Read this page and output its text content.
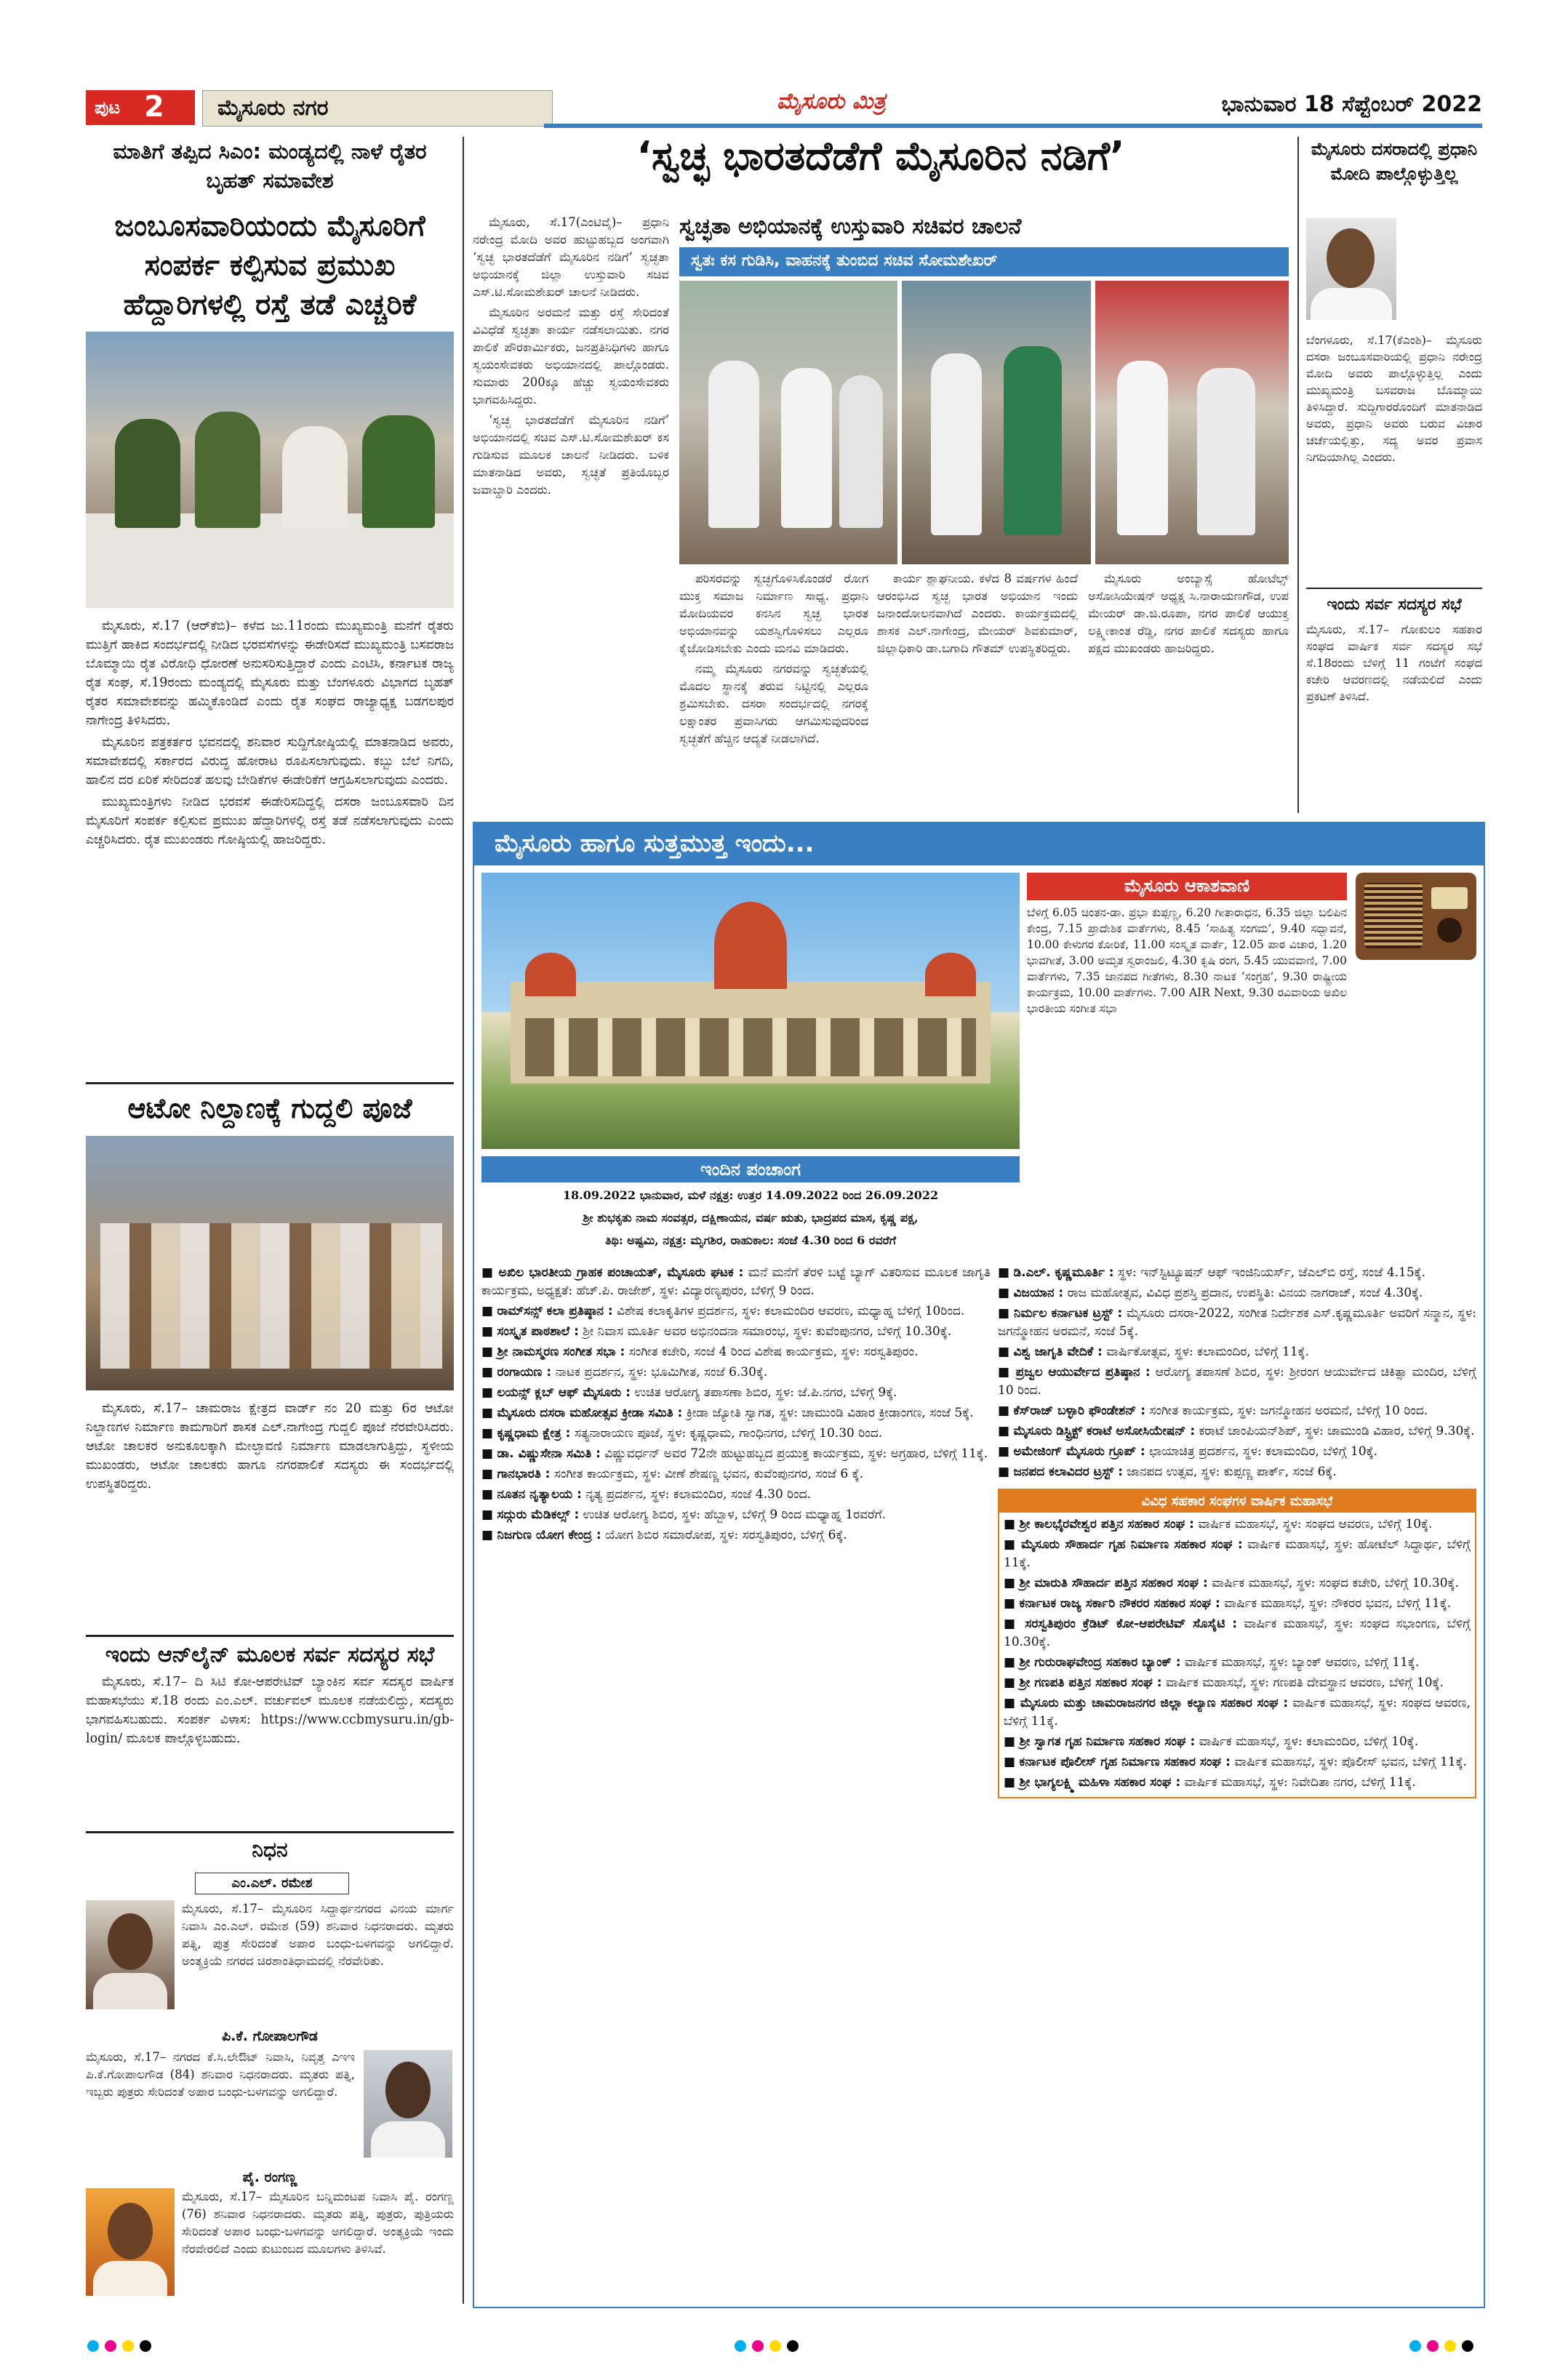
ಪುಟ 2	ಮೈಸೂರು ನಗರ	ಮೈಸೂರು ಮಿತ್ರ	ಭಾನುವಾರ 18 ಸೆಪ್ಟೆಂಬರ್ 2022
ಮಾತಿಗೆ ತಪ್ಪಿದ ಸಿಎಂ: ಮಂಡ್ಯದಲ್ಲಿ ನಾಳೆ ರೈತರ ಬೃಹತ್ ಸಮಾವೇಶ
ಜಂಬೂಸವಾರಿಯಂದು ಮೈಸೂರಿಗೆ ಸಂಪರ್ಕ ಕಲ್ಪಿಸುವ ಪ್ರಮುಖ ಹೆದ್ದಾರಿಗಳಲ್ಲಿ ರಸ್ತೆ ತಡೆ ಎಚ್ಚರಿಕೆ

ಮೈಸೂರು, ಸೆ.17 (ಆರ್‌ಕೆಬಿ)– ಕಳೆದ ಜು.11ರಂದು ಮುಖ್ಯಮಂತ್ರಿ ಮನೆಗೆ ರೈತರು ಮುತ್ತಿಗೆ ಹಾಕಿದ ಸಂದರ್ಭದಲ್ಲಿ ನೀಡಿದ ಭರವಸೆಗಳನ್ನು ಈಡೇರಿಸದೆ ಮುಖ್ಯಮಂತ್ರಿ ಬಸವರಾಜ ಬೊಮ್ಮಾಯಿ ರೈತ ವಿರೋಧಿ ಧೋರಣೆ ಅನುಸರಿಸುತ್ತಿದ್ದಾರೆ ಎಂದು ಎಂಟಿಸಿ, ಕರ್ನಾಟಕ ರಾಜ್ಯ ರೈತ ಸಂಘ, ಸೆ.19ರಂದು ಮಂಡ್ಯದಲ್ಲಿ ಮೈಸೂರು ಮತ್ತು ಬೆಂಗಳೂರು ವಿಭಾಗದ ಬೃಹತ್ ರೈತರ ಸಮಾವೇಶವನ್ನು ಹಮ್ಮಿಕೊಂಡಿದೆ ಎಂದು ರೈತ ಸಂಘದ ರಾಜ್ಯಾಧ್ಯಕ್ಷ ಬಡಗಲಪುರ ನಾಗೇಂದ್ರ ತಿಳಿಸಿದರು.

ಮೈಸೂರಿನ ಪತ್ರಕರ್ತರ ಭವನದಲ್ಲಿ ಶನಿವಾರ ಸುದ್ದಿಗೋಷ್ಠಿಯಲ್ಲಿ ಮಾತನಾಡಿದ ಅವರು, ಸಮಾವೇಶದಲ್ಲಿ ಸರ್ಕಾರದ ವಿರುದ್ಧ ಹೋರಾಟ ರೂಪಿಸಲಾಗುವುದು. ಕಬ್ಬು ಬೆಲೆ ನಿಗದಿ, ಹಾಲಿನ ದರ ಏರಿಕೆ ಸೇರಿದಂತೆ ಹಲವು ಬೇಡಿಕೆಗಳ ಈಡೇರಿಕೆಗೆ ಆಗ್ರಹಿಸಲಾಗುವುದು ಎಂದರು.

ಮುಖ್ಯಮಂತ್ರಿಗಳು ನೀಡಿದ ಭರವಸೆ ಈಡೇರಿಸದಿದ್ದಲ್ಲಿ ದಸರಾ ಜಂಬೂಸವಾರಿ ದಿನ ಮೈಸೂರಿಗೆ ಸಂಪರ್ಕ ಕಲ್ಪಿಸುವ ಪ್ರಮುಖ ಹೆದ್ದಾರಿಗಳಲ್ಲಿ ರಸ್ತೆ ತಡೆ ನಡೆಸಲಾಗುವುದು ಎಂದು ಎಚ್ಚರಿಸಿದರು. ರೈತ ಮುಖಂಡರು ಗೋಷ್ಠಿಯಲ್ಲಿ ಹಾಜರಿದ್ದರು.

ಆಟೋ ನಿಲ್ದಾಣಕ್ಕೆ ಗುದ್ದಲಿ ಪೂಜೆ

ಮೈಸೂರು, ಸೆ.17– ಚಾಮರಾಜ ಕ್ಷೇತ್ರದ ವಾರ್ಡ್ ನಂ 20 ಮತ್ತು 6ರ ಆಟೋ ನಿಲ್ದಾಣಗಳ ನಿರ್ಮಾಣ ಕಾಮಗಾರಿಗೆ ಶಾಸಕ ಎಲ್.ನಾಗೇಂದ್ರ ಗುದ್ದಲಿ ಪೂಜೆ ನೆರವೇರಿಸಿದರು. ಆಟೋ ಚಾಲಕರ ಅನುಕೂಲಕ್ಕಾಗಿ ಮೇಲ್ಛಾವಣಿ ನಿರ್ಮಾಣ ಮಾಡಲಾಗುತ್ತಿದ್ದು, ಸ್ಥಳೀಯ ಮುಖಂಡರು, ಆಟೋ ಚಾಲಕರು ಹಾಗೂ ನಗರಪಾಲಿಕೆ ಸದಸ್ಯರು ಈ ಸಂದರ್ಭದಲ್ಲಿ ಉಪಸ್ಥಿತರಿದ್ದರು.

ಇಂದು ಆನ್‌ಲೈನ್ ಮೂಲಕ ಸರ್ವ ಸದಸ್ಯರ ಸಭೆ

ಮೈಸೂರು, ಸೆ.17– ದಿ ಸಿಟಿ ಕೋ-ಆಪರೇಟಿವ್ ಬ್ಯಾಂಕಿನ ಸರ್ವ ಸದಸ್ಯರ ವಾರ್ಷಿಕ ಮಹಾಸಭೆಯು ಸೆ.18 ರಂದು ಎಂ.ಎಲ್. ವರ್ಚುವಲ್ ಮೂಲಕ ನಡೆಯಲಿದ್ದು, ಸದಸ್ಯರು ಭಾಗವಹಿಸಬಹುದು. ಸಂಪರ್ಕ ವಿಳಾಸ: https://www.ccbmysuru.in/gb-login/ ಮೂಲಕ ಪಾಲ್ಗೊಳ್ಳಬಹುದು.

ನಿಧನ
ಎಂ.ಎಲ್. ರಮೇಶ
ಮೈಸೂರು, ಸೆ.17– ಮೈಸೂರಿನ ಸಿದ್ದಾರ್ಥನಗರದ ವಿನಯ ಮಾರ್ಗ ನಿವಾಸಿ ಎಂ.ಎಲ್. ರಮೇಶ (59) ಶನಿವಾರ ನಿಧನರಾದರು. ಮೃತರು ಪತ್ನಿ, ಪುತ್ರ ಸೇರಿದಂತೆ ಅಪಾರ ಬಂಧು-ಬಳಗವನ್ನು ಅಗಲಿದ್ದಾರೆ. ಅಂತ್ಯಕ್ರಿಯೆ ನಗರದ ಚಿರಶಾಂತಿಧಾಮದಲ್ಲಿ ನೆರವೇರಿತು.
ಪಿ.ಕೆ. ಗೋಪಾಲಗೌಡ
ಮೈಸೂರು, ಸೆ.17– ನಗರದ ಕೆ.ಸಿ.ಲೇಔಟ್ ನಿವಾಸಿ, ನಿವೃತ್ತ ಎಇಇ ಪಿ.ಕೆ.ಗೋಪಾಲಗೌಡ (84) ಶನಿವಾರ ನಿಧನರಾದರು. ಮೃತರು ಪತ್ನಿ, ಇಬ್ಬರು ಪುತ್ರರು ಸೇರಿದಂತೆ ಅಪಾರ ಬಂಧು-ಬಳಗವನ್ನು ಅಗಲಿದ್ದಾರೆ.
ಪೈ. ರಂಗಣ್ಣ
ಮೈಸೂರು, ಸೆ.17– ಮೈಸೂರಿನ ಬನ್ನಿಮಂಟಪ ನಿವಾಸಿ ಪೈ. ರಂಗಣ್ಣ (76) ಶನಿವಾರ ನಿಧನರಾದರು. ಮೃತರು ಪತ್ನಿ, ಪುತ್ರರು, ಪುತ್ರಿಯರು ಸೇರಿದಂತೆ ಅಪಾರ ಬಂಧು-ಬಳಗವನ್ನು ಅಗಲಿದ್ದಾರೆ. ಅಂತ್ಯಕ್ರಿಯೆ ಇಂದು ನೆರವೇರಲಿದೆ ಎಂದು ಕುಟುಂಬದ ಮೂಲಗಳು ತಿಳಿಸಿವೆ.
‘ಸ್ವಚ್ಛ ಭಾರತದೆಡೆಗೆ ಮೈಸೂರಿನ ನಡಿಗೆ’

ಮೈಸೂರು, ಸೆ.17(ಎಂಟಿವೈ)– ಪ್ರಧಾನಿ ನರೇಂದ್ರ ಮೋದಿ ಅವರ ಹುಟ್ಟುಹಬ್ಬದ ಅಂಗವಾಗಿ ‘ಸ್ವಚ್ಛ ಭಾರತದೆಡೆಗೆ ಮೈಸೂರಿನ ನಡಿಗೆ’ ಸ್ವಚ್ಛತಾ ಅಭಿಯಾನಕ್ಕೆ ಜಿಲ್ಲಾ ಉಸ್ತುವಾರಿ ಸಚಿವ ಎಸ್.ಟಿ.ಸೋಮಶೇಖರ್ ಚಾಲನೆ ನೀಡಿದರು.

ಮೈಸೂರಿನ ಅರಮನೆ ಮತ್ತು ರಸ್ತೆ ಸೇರಿದಂತೆ ವಿವಿಧೆಡೆ ಸ್ವಚ್ಛತಾ ಕಾರ್ಯ ನಡೆಸಲಾಯಿತು. ನಗರ ಪಾಲಿಕೆ ಪೌರಕಾರ್ಮಿಕರು, ಜನಪ್ರತಿನಿಧಿಗಳು ಹಾಗೂ ಸ್ವಯಂಸೇವಕರು ಅಭಿಯಾನದಲ್ಲಿ ಪಾಲ್ಗೊಂಡರು. ಸುಮಾರು 200ಕ್ಕೂ ಹೆಚ್ಚು ಸ್ವಯಂಸೇವಕರು ಭಾಗವಹಿಸಿದ್ದರು.

‘ಸ್ವಚ್ಛ ಭಾರತದೆಡೆಗೆ ಮೈಸೂರಿನ ನಡಿಗೆ’ ಅಭಿಯಾನದಲ್ಲಿ ಸಚಿವ ಎಸ್.ಟಿ.ಸೋಮಶೇಖರ್ ಕಸ ಗುಡಿಸುವ ಮೂಲಕ ಚಾಲನೆ ನೀಡಿದರು. ಬಳಿಕ ಮಾತನಾಡಿದ ಅವರು, ಸ್ವಚ್ಛತೆ ಪ್ರತಿಯೊಬ್ಬರ ಜವಾಬ್ದಾರಿ ಎಂದರು.

ಸ್ವಚ್ಛತಾ ಅಭಿಯಾನಕ್ಕೆ ಉಸ್ತುವಾರಿ ಸಚಿವರ ಚಾಲನೆ
ಸ್ವತಃ ಕಸ ಗುಡಿಸಿ, ವಾಹನಕ್ಕೆ ತುಂಬಿದ ಸಚಿವ ಸೋಮಶೇಖರ್

ಪರಿಸರವನ್ನು ಸ್ವಚ್ಛಗೊಳಿಸಿಕೊಂಡರೆ ರೋಗ ಮುಕ್ತ ಸಮಾಜ ನಿರ್ಮಾಣ ಸಾಧ್ಯ. ಪ್ರಧಾನಿ ಮೋದಿಯವರ ಕನಸಿನ ಸ್ವಚ್ಛ ಭಾರತ ಅಭಿಯಾನವನ್ನು ಯಶಸ್ವಿಗೊಳಿಸಲು ಎಲ್ಲರೂ ಕೈಜೋಡಿಸಬೇಕು ಎಂದು ಮನವಿ ಮಾಡಿದರು.

ನಮ್ಮ ಮೈಸೂರು ನಗರವನ್ನು ಸ್ವಚ್ಛತೆಯಲ್ಲಿ ಮೊದಲ ಸ್ಥಾನಕ್ಕೆ ತರುವ ನಿಟ್ಟಿನಲ್ಲಿ ಎಲ್ಲರೂ ಶ್ರಮಿಸಬೇಕು. ದಸರಾ ಸಂದರ್ಭದಲ್ಲಿ ನಗರಕ್ಕೆ ಲಕ್ಷಾಂತರ ಪ್ರವಾಸಿಗರು ಆಗಮಿಸುವುದರಿಂದ ಸ್ವಚ್ಛತೆಗೆ ಹೆಚ್ಚಿನ ಆದ್ಯತೆ ನೀಡಲಾಗಿದೆ.

ಕಾರ್ಯ ಶ್ಲಾಘನೀಯ. ಕಳೆದ 8 ವರ್ಷಗಳ ಹಿಂದೆ ಆರಂಭಿಸಿದ ಸ್ವಚ್ಛ ಭಾರತ ಅಭಿಯಾನ ಇಂದು ಜನಾಂದೋಲನವಾಗಿದೆ ಎಂದರು. ಕಾರ್ಯಕ್ರಮದಲ್ಲಿ ಶಾಸಕ ಎಲ್.ನಾಗೇಂದ್ರ, ಮೇಯರ್ ಶಿವಕುಮಾರ್, ಜಿಲ್ಲಾಧಿಕಾರಿ ಡಾ.ಬಗಾದಿ ಗೌತಮ್ ಉಪಸ್ಥಿತರಿದ್ದರು.

ಮೈಸೂರು ಅಂಬ್ಯಾಸ್ಸೆ ಹೋಟೆಲ್ಸ್ ಅಸೋಸಿಯೇಷನ್ ಅಧ್ಯಕ್ಷ ಸಿ.ನಾರಾಯಣಗೌಡ, ಉಪ ಮೇಯರ್ ಡಾ.ಜಿ.ರೂಪಾ, ನಗರ ಪಾಲಿಕೆ ಆಯುಕ್ತ ಲಕ್ಷ್ಮೀಕಾಂತ ರೆಡ್ಡಿ, ನಗರ ಪಾಲಿಕೆ ಸದಸ್ಯರು ಹಾಗೂ ಪಕ್ಷದ ಮುಖಂಡರು ಹಾಜರಿದ್ದರು.

ಮೈಸೂರು ದಸರಾದಲ್ಲಿ ಪ್ರಧಾನಿ ಮೋದಿ ಪಾಲ್ಗೊಳ್ಳುತ್ತಿಲ್ಲ
ಬೆಂಗಳೂರು, ಸೆ.17(ಕೆಎಂಶಿ)– ಮೈಸೂರು ದಸರಾ ಜಂಬೂಸವಾರಿಯಲ್ಲಿ ಪ್ರಧಾನಿ ನರೇಂದ್ರ ಮೋದಿ ಅವರು ಪಾಲ್ಗೊಳ್ಳುತ್ತಿಲ್ಲ ಎಂದು ಮುಖ್ಯಮಂತ್ರಿ ಬಸವರಾಜ ಬೊಮ್ಮಾಯಿ ತಿಳಿಸಿದ್ದಾರೆ. ಸುದ್ದಿಗಾರರೊಂದಿಗೆ ಮಾತನಾಡಿದ ಅವರು, ಪ್ರಧಾನಿ ಅವರು ಬರುವ ವಿಚಾರ ಚರ್ಚೆಯಲ್ಲಿತ್ತು, ಸದ್ಯ ಅವರ ಪ್ರವಾಸ ನಿಗದಿಯಾಗಿಲ್ಲ ಎಂದರು.
ಇಂದು ಸರ್ವ ಸದಸ್ಯರ ಸಭೆ
ಮೈಸೂರು, ಸೆ.17– ಗೋಕುಲಂ ಸಹಕಾರ ಸಂಘದ ವಾರ್ಷಿಕ ಸರ್ವ ಸದಸ್ಯರ ಸಭೆ ಸೆ.18ರಂದು ಬೆಳಿಗ್ಗೆ 11 ಗಂಟೆಗೆ ಸಂಘದ ಕಚೇರಿ ಆವರಣದಲ್ಲಿ ನಡೆಯಲಿದೆ ಎಂದು ಪ್ರಕಟಣೆ ತಿಳಿಸಿದೆ.
ಮೈಸೂರು ಹಾಗೂ ಸುತ್ತಮುತ್ತ ಇಂದು...
ಇಂದಿನ ಪಂಚಾಂಗ
18.09.2022 ಭಾನುವಾರ, ಮಳೆ ನಕ್ಷತ್ರ: ಉತ್ತರ 14.09.2022 ರಿಂದ 26.09.2022
ಶ್ರೀ ಶುಭಕೃತು ನಾಮ ಸಂವತ್ಸರ, ದಕ್ಷಿಣಾಯನ, ವರ್ಷ ಋತು, ಭಾದ್ರಪದ ಮಾಸ, ಕೃಷ್ಣ ಪಕ್ಷ,
ತಿಥಿ: ಅಷ್ಟಮಿ, ನಕ್ಷತ್ರ: ಮೃಗಶಿರ, ರಾಹುಕಾಲ: ಸಂಜೆ 4.30 ರಿಂದ 6 ರವರೆಗೆ
ಮೈಸೂರು ಆಕಾಶವಾಣಿ
ಬೆಳಿಗ್ಗೆ 6.05 ಚಿಂತನ-ಡಾ. ಪ್ರಭಾ ಕುಪ್ಪಣ್ಣ, 6.20 ಗೀತಾರಾಧನ, 6.35 ಜಿಲ್ಲಾ ಬಲಿಪಿನ ಕೇಂದ್ರ, 7.15 ಪ್ರಾದೇಶಿಕ ವಾರ್ತೆಗಳು, 8.45 ‘ಸಾಹಿತ್ಯ ಸಂಗಮ’, 9.40 ಸದ್ಭಾವನೆ, 10.00 ಕೇಳುಗರ ಕೋರಿಕೆ, 11.00 ಸಂಸ್ಕೃತ ವಾರ್ತೆ, 12.05 ಪಾಠ ವಿಚಾರ, 1.20 ಭಾವಗೀತೆ, 3.00 ಅಮೃತ ಸ್ವರಾಂಜಲಿ, 4.30 ಕೃಷಿ ರಂಗ, 5.45 ಯುವವಾಣಿ, 7.00 ವಾರ್ತೆಗಳು, 7.35 ಜಾನಪದ ಗೀತೆಗಳು, 8.30 ನಾಟಕ ‘ಸಂಗ್ರಹ’, 9.30 ರಾಷ್ಟ್ರೀಯ ಕಾರ್ಯಕ್ರಮ, 10.00 ವಾರ್ತೆಗಳು. 7.00 AIR Next, 9.30 ರವಿವಾರಿಯ ಅಖಿಲ ಭಾರತೀಯ ಸಂಗೀತ ಸಭಾ

■ ಅಖಿಲ ಭಾರತೀಯ ಗ್ರಾಹಕ ಪಂಚಾಯತ್, ಮೈಸೂರು ಘಟಕ : ಮನೆ ಮನೆಗೆ ತೆರಳಿ ಬಟ್ಟೆ ಬ್ಯಾಗ್ ವಿತರಿಸುವ ಮೂಲಕ ಜಾಗೃತಿ ಕಾರ್ಯಕ್ರಮ, ಅಧ್ಯಕ್ಷತೆ: ಹೆಚ್.ಪಿ. ರಾಜೇಶ್, ಸ್ಥಳ: ವಿದ್ಯಾರಣ್ಯಪುರಂ, ಬೆಳಿಗ್ಗೆ 9 ರಿಂದ.

■ ರಾಮ್‌ಸನ್ಸ್ ಕಲಾ ಪ್ರತಿಷ್ಠಾನ : ವಿಶೇಷ ಕಲಾಕೃತಿಗಳ ಪ್ರದರ್ಶನ, ಸ್ಥಳ: ಕಲಾಮಂದಿರ ಆವರಣ, ಮಧ್ಯಾಹ್ನ ಬೆಳಿಗ್ಗೆ 10ರಿಂದ.

■ ಸಂಸ್ಕೃತ ಪಾಠಶಾಲೆ : ಶ್ರೀ ನಿವಾಸ ಮೂರ್ತಿ ಅವರ ಅಭಿನಂದನಾ ಸಮಾರಂಭ, ಸ್ಥಳ: ಕುವೆಂಪುನಗರ, ಬೆಳಿಗ್ಗೆ 10.30ಕ್ಕೆ.

■ ಶ್ರೀ ನಾಮಸ್ಮರಣ ಸಂಗೀತ ಸಭಾ : ಸಂಗೀತ ಕಚೇರಿ, ಸಂಜೆ 4 ರಿಂದ ವಿಶೇಷ ಕಾರ್ಯಕ್ರಮ, ಸ್ಥಳ: ಸರಸ್ವತಿಪುರಂ.

■ ರಂಗಾಯಣ : ನಾಟಕ ಪ್ರದರ್ಶನ, ಸ್ಥಳ: ಭೂಮಿಗೀತ, ಸಂಜೆ 6.30ಕ್ಕೆ.

■ ಲಯನ್ಸ್ ಕ್ಲಬ್ ಆಫ್ ಮೈಸೂರು : ಉಚಿತ ಆರೋಗ್ಯ ತಪಾಸಣಾ ಶಿಬಿರ, ಸ್ಥಳ: ಜೆ.ಪಿ.ನಗರ, ಬೆಳಿಗ್ಗೆ 9ಕ್ಕೆ.

■ ಮೈಸೂರು ದಸರಾ ಮಹೋತ್ಸವ ಕ್ರೀಡಾ ಸಮಿತಿ : ಕ್ರೀಡಾ ಜ್ಯೋತಿ ಸ್ವಾಗತ, ಸ್ಥಳ: ಚಾಮುಂಡಿ ವಿಹಾರ ಕ್ರೀಡಾಂಗಣ, ಸಂಜೆ 5ಕ್ಕೆ.

■ ಕೃಷ್ಣಧಾಮ ಕ್ಷೇತ್ರ : ಸತ್ಯನಾರಾಯಣ ಪೂಜೆ, ಸ್ಥಳ: ಕೃಷ್ಣಧಾಮ, ಗಾಂಧಿನಗರ, ಬೆಳಿಗ್ಗೆ 10.30 ರಿಂದ.

■ ಡಾ. ವಿಷ್ಣುಸೇನಾ ಸಮಿತಿ : ವಿಷ್ಣುವರ್ಧನ್ ಅವರ 72ನೇ ಹುಟ್ಟುಹಬ್ಬದ ಪ್ರಯುಕ್ತ ಕಾರ್ಯಕ್ರಮ, ಸ್ಥಳ: ಅಗ್ರಹಾರ, ಬೆಳಿಗ್ಗೆ 11ಕ್ಕೆ.

■ ಗಾನಭಾರತಿ : ಸಂಗೀತ ಕಾರ್ಯಕ್ರಮ, ಸ್ಥಳ: ವೀಣೆ ಶೇಷಣ್ಣ ಭವನ, ಕುವೆಂಪುನಗರ, ಸಂಜೆ 6 ಕ್ಕೆ.

■ ನೂತನ ನೃತ್ಯಾಲಯ : ನೃತ್ಯ ಪ್ರದರ್ಶನ, ಸ್ಥಳ: ಕಲಾಮಂದಿರ, ಸಂಜೆ 4.30 ರಿಂದ.

■ ಸದ್ಗುರು ಮೆಡಿಕಲ್ಸ್ : ಉಚಿತ ಆರೋಗ್ಯ ಶಿಬಿರ, ಸ್ಥಳ: ಹೆಬ್ಬಾಳ, ಬೆಳಿಗ್ಗೆ 9 ರಿಂದ ಮಧ್ಯಾಹ್ನ 1ರವರೆಗೆ.

■ ನಿಜಗುಣ ಯೋಗ ಕೇಂದ್ರ : ಯೋಗ ಶಿಬಿರ ಸಮಾರೋಪ, ಸ್ಥಳ: ಸರಸ್ವತಿಪುರಂ, ಬೆಳಿಗ್ಗೆ 6ಕ್ಕೆ.

■ ಡಿ.ಎಲ್. ಕೃಷ್ಣಮೂರ್ತಿ : ಸ್ಥಳ: ಇನ್‌ಸ್ಟಿಟ್ಯೂಷನ್ ಆಫ್ ಇಂಜಿನಿಯರ್ಸ್, ಜೆಎಲ್‌ಬಿ ರಸ್ತೆ, ಸಂಜೆ 4.15ಕ್ಕೆ.

■ ವಿಜಯಾನ : ರಾಜ ಮಹೋತ್ಸವ, ವಿವಿಧ ಪ್ರಶಸ್ತಿ ಪ್ರದಾನ, ಉಪಸ್ಥಿತಿ: ವಿನಯ ನಾಗರಾಜ್, ಸಂಜೆ 4.30ಕ್ಕೆ.

■ ನಿರ್ಮಲ ಕರ್ನಾಟಕ ಟ್ರಸ್ಟ್ : ಮೈಸೂರು ದಸರಾ-2022, ಸಂಗೀತ ನಿರ್ದೇಶಕ ಎಸ್.ಕೃಷ್ಣಮೂರ್ತಿ ಅವರಿಗೆ ಸನ್ಮಾನ, ಸ್ಥಳ: ಜಗನ್ಮೋಹನ ಅರಮನೆ, ಸಂಜೆ 5ಕ್ಕೆ.

■ ವಿಶ್ವ ಜಾಗೃತಿ ವೇದಿಕೆ : ವಾರ್ಷಿಕೋತ್ಸವ, ಸ್ಥಳ: ಕಲಾಮಂದಿರ, ಬೆಳಿಗ್ಗೆ 11ಕ್ಕೆ.

■ ಪ್ರಜ್ವಲ ಆಯುರ್ವೇದ ಪ್ರತಿಷ್ಠಾನ : ಆರೋಗ್ಯ ತಪಾಸಣೆ ಶಿಬಿರ, ಸ್ಥಳ: ಶ್ರೀರಂಗ ಆಯುರ್ವೇದ ಚಿಕಿತ್ಸಾ ಮಂದಿರ, ಬೆಳಿಗ್ಗೆ 10 ರಿಂದ.

■ ಕೆಸ್‌ರಾಜ್ ಬಳ್ಳಾರಿ ಫೌಂಡೇಶನ್ : ಸಂಗೀತ ಕಾರ್ಯಕ್ರಮ, ಸ್ಥಳ: ಜಗನ್ಮೋಹನ ಅರಮನೆ, ಬೆಳಿಗ್ಗೆ 10 ರಿಂದ.

■ ಮೈಸೂರು ಡಿಸ್ಟ್ರಿಕ್ಟ್ ಕರಾಟೆ ಅಸೋಸಿಯೇಷನ್ : ಕರಾಟೆ ಚಾಂಪಿಯನ್‌ಶಿಪ್, ಸ್ಥಳ: ಚಾಮುಂಡಿ ವಿಹಾರ, ಬೆಳಿಗ್ಗೆ 9.30ಕ್ಕೆ.

■ ಅಮೇಜಿಂಗ್ ಮೈಸೂರು ಗ್ರೂಪ್ : ಛಾಯಾಚಿತ್ರ ಪ್ರದರ್ಶನ, ಸ್ಥಳ: ಕಲಾಮಂದಿರ, ಬೆಳಿಗ್ಗೆ 10ಕ್ಕೆ.

■ ಜನಪದ ಕಲಾವಿದರ ಟ್ರಸ್ಟ್ : ಜಾನಪದ ಉತ್ಸವ, ಸ್ಥಳ: ಕುಪ್ಪಣ್ಣ ಪಾರ್ಕ್, ಸಂಜೆ 6ಕ್ಕೆ.

ವಿವಿಧ ಸಹಕಾರ ಸಂಘಗಳ ವಾರ್ಷಿಕ ಮಹಾಸಭೆ

■ ಶ್ರೀ ಕಾಲಭೈರವೇಶ್ವರ ಪತ್ತಿನ ಸಹಕಾರ ಸಂಘ : ವಾರ್ಷಿಕ ಮಹಾಸಭೆ, ಸ್ಥಳ: ಸಂಘದ ಆವರಣ, ಬೆಳಿಗ್ಗೆ 10ಕ್ಕೆ.

■ ಮೈಸೂರು ಸೌಹಾರ್ದ ಗೃಹ ನಿರ್ಮಾಣ ಸಹಕಾರ ಸಂಘ : ವಾರ್ಷಿಕ ಮಹಾಸಭೆ, ಸ್ಥಳ: ಹೋಟೆಲ್ ಸಿದ್ಧಾರ್ಥ, ಬೆಳಿಗ್ಗೆ 11ಕ್ಕೆ.

■ ಶ್ರೀ ಮಾರುತಿ ಸೌಹಾರ್ದ ಪತ್ತಿನ ಸಹಕಾರ ಸಂಘ : ವಾರ್ಷಿಕ ಮಹಾಸಭೆ, ಸ್ಥಳ: ಸಂಘದ ಕಚೇರಿ, ಬೆಳಿಗ್ಗೆ 10.30ಕ್ಕೆ.

■ ಕರ್ನಾಟಕ ರಾಜ್ಯ ಸರ್ಕಾರಿ ನೌಕರರ ಸಹಕಾರ ಸಂಘ : ವಾರ್ಷಿಕ ಮಹಾಸಭೆ, ಸ್ಥಳ: ನೌಕರರ ಭವನ, ಬೆಳಿಗ್ಗೆ 11ಕ್ಕೆ.

■ ಸರಸ್ವತಿಪುರಂ ಕ್ರೆಡಿಟ್ ಕೋ-ಆಪರೇಟಿವ್ ಸೊಸೈಟಿ : ವಾರ್ಷಿಕ ಮಹಾಸಭೆ, ಸ್ಥಳ: ಸಂಘದ ಸಭಾಂಗಣ, ಬೆಳಿಗ್ಗೆ 10.30ಕ್ಕೆ.

■ ಶ್ರೀ ಗುರುರಾಘವೇಂದ್ರ ಸಹಕಾರ ಬ್ಯಾಂಕ್ : ವಾರ್ಷಿಕ ಮಹಾಸಭೆ, ಸ್ಥಳ: ಬ್ಯಾಂಕ್ ಆವರಣ, ಬೆಳಿಗ್ಗೆ 11ಕ್ಕೆ.

■ ಶ್ರೀ ಗಣಪತಿ ಪತ್ತಿನ ಸಹಕಾರ ಸಂಘ : ವಾರ್ಷಿಕ ಮಹಾಸಭೆ, ಸ್ಥಳ: ಗಣಪತಿ ದೇವಸ್ಥಾನ ಆವರಣ, ಬೆಳಿಗ್ಗೆ 10ಕ್ಕೆ.

■ ಮೈಸೂರು ಮತ್ತು ಚಾಮರಾಜನಗರ ಜಿಲ್ಲಾ ಕಲ್ಯಾಣ ಸಹಕಾರ ಸಂಘ : ವಾರ್ಷಿಕ ಮಹಾಸಭೆ, ಸ್ಥಳ: ಸಂಘದ ಆವರಣ, ಬೆಳಿಗ್ಗೆ 11ಕ್ಕೆ.

■ ಶ್ರೀ ಸ್ವಾಗತ ಗೃಹ ನಿರ್ಮಾಣ ಸಹಕಾರ ಸಂಘ : ವಾರ್ಷಿಕ ಮಹಾಸಭೆ, ಸ್ಥಳ: ಕಲಾಮಂದಿರ, ಬೆಳಿಗ್ಗೆ 10ಕ್ಕೆ.

■ ಕರ್ನಾಟಕ ಪೊಲೀಸ್ ಗೃಹ ನಿರ್ಮಾಣ ಸಹಕಾರ ಸಂಘ : ವಾರ್ಷಿಕ ಮಹಾಸಭೆ, ಸ್ಥಳ: ಪೊಲೀಸ್ ಭವನ, ಬೆಳಿಗ್ಗೆ 11ಕ್ಕೆ.

■ ಶ್ರೀ ಭಾಗ್ಯಲಕ್ಷ್ಮಿ ಮಹಿಳಾ ಸಹಕಾರ ಸಂಘ : ವಾರ್ಷಿಕ ಮಹಾಸಭೆ, ಸ್ಥಳ: ನಿವೇದಿತಾ ನಗರ, ಬೆಳಿಗ್ಗೆ 11ಕ್ಕೆ.
